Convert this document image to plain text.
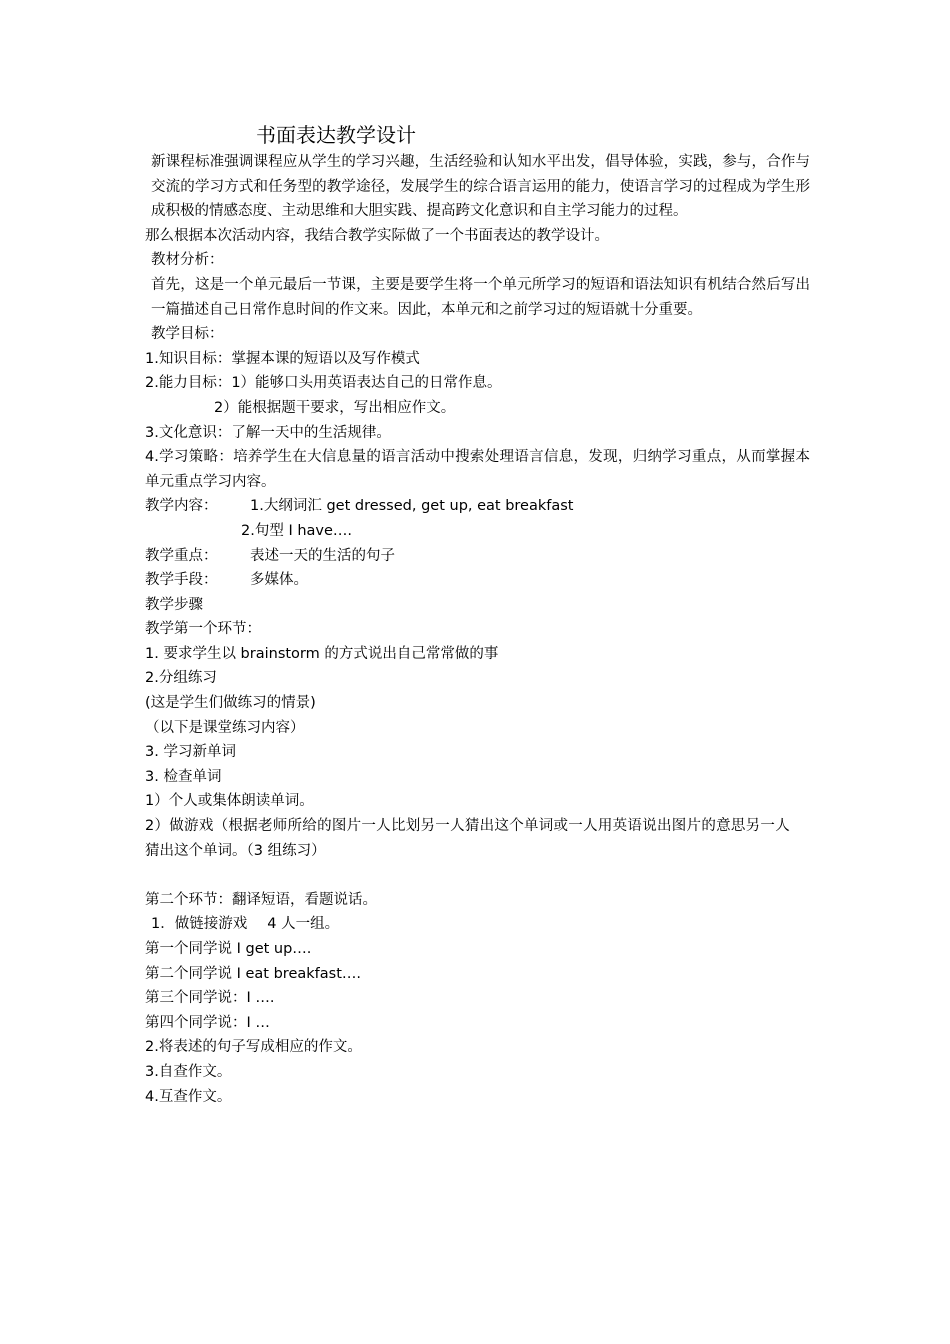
书面表达教学设计

新课程标准强调课程应从学生的学习兴趣，生活经验和认知水平出发，倡导体验，实践，参与，合作与交流的学习方式和任务型的教学途径，发展学生的综合语言运用的能力，使语言学习的过程成为学生形成积极的情感态度、主动思维和大胆实践、提高跨文化意识和自主学习能力的过程。

那么根据本次活动内容，我结合教学实际做了一个书面表达的教学设计。

教材分析：

首先，这是一个单元最后一节课，主要是要学生将一个单元所学习的短语和语法知识有机结合然后写出一篇描述自己日常作息时间的作文来。因此，本单元和之前学习过的短语就十分重要。

教学目标：

1.知识目标：掌握本课的短语以及写作模式

2.能力目标：1）能够口头用英语表达自己的日常作息。

2）能根据题干要求，写出相应作文。

3.文化意识：了解一天中的生活规律。

4.学习策略：培养学生在大信息量的语言活动中搜索处理语言信息，发现，归纳学习重点，从而掌握本单元重点学习内容。

教学内容： 1.大纲词汇 get dressed, get up, eat breakfast

2.句型 I have….

教学重点： 表述一天的生活的句子

教学手段： 多媒体。

教学步骤

教学第一个环节：

1. 要求学生以 brainstorm 的方式说出自己常常做的事

2.分组练习

(这是学生们做练习的情景)

（以下是课堂练习内容）

3. 学习新单词

3. 检查单词

1）个人或集体朗读单词。

2）做游戏（根据老师所给的图片一人比划另一人猜出这个单词或一人用英语说出图片的意思另一人猜出这个单词。（3 组练习）

第二个环节：翻译短语，看题说话。

1．做链接游戏 4 人一组。

第一个同学说 I get up….

第二个同学说 I eat breakfast….

第三个同学说：I ….

第四个同学说：I …

2.将表述的句子写成相应的作文。

3.自查作文。

4.互查作文。
